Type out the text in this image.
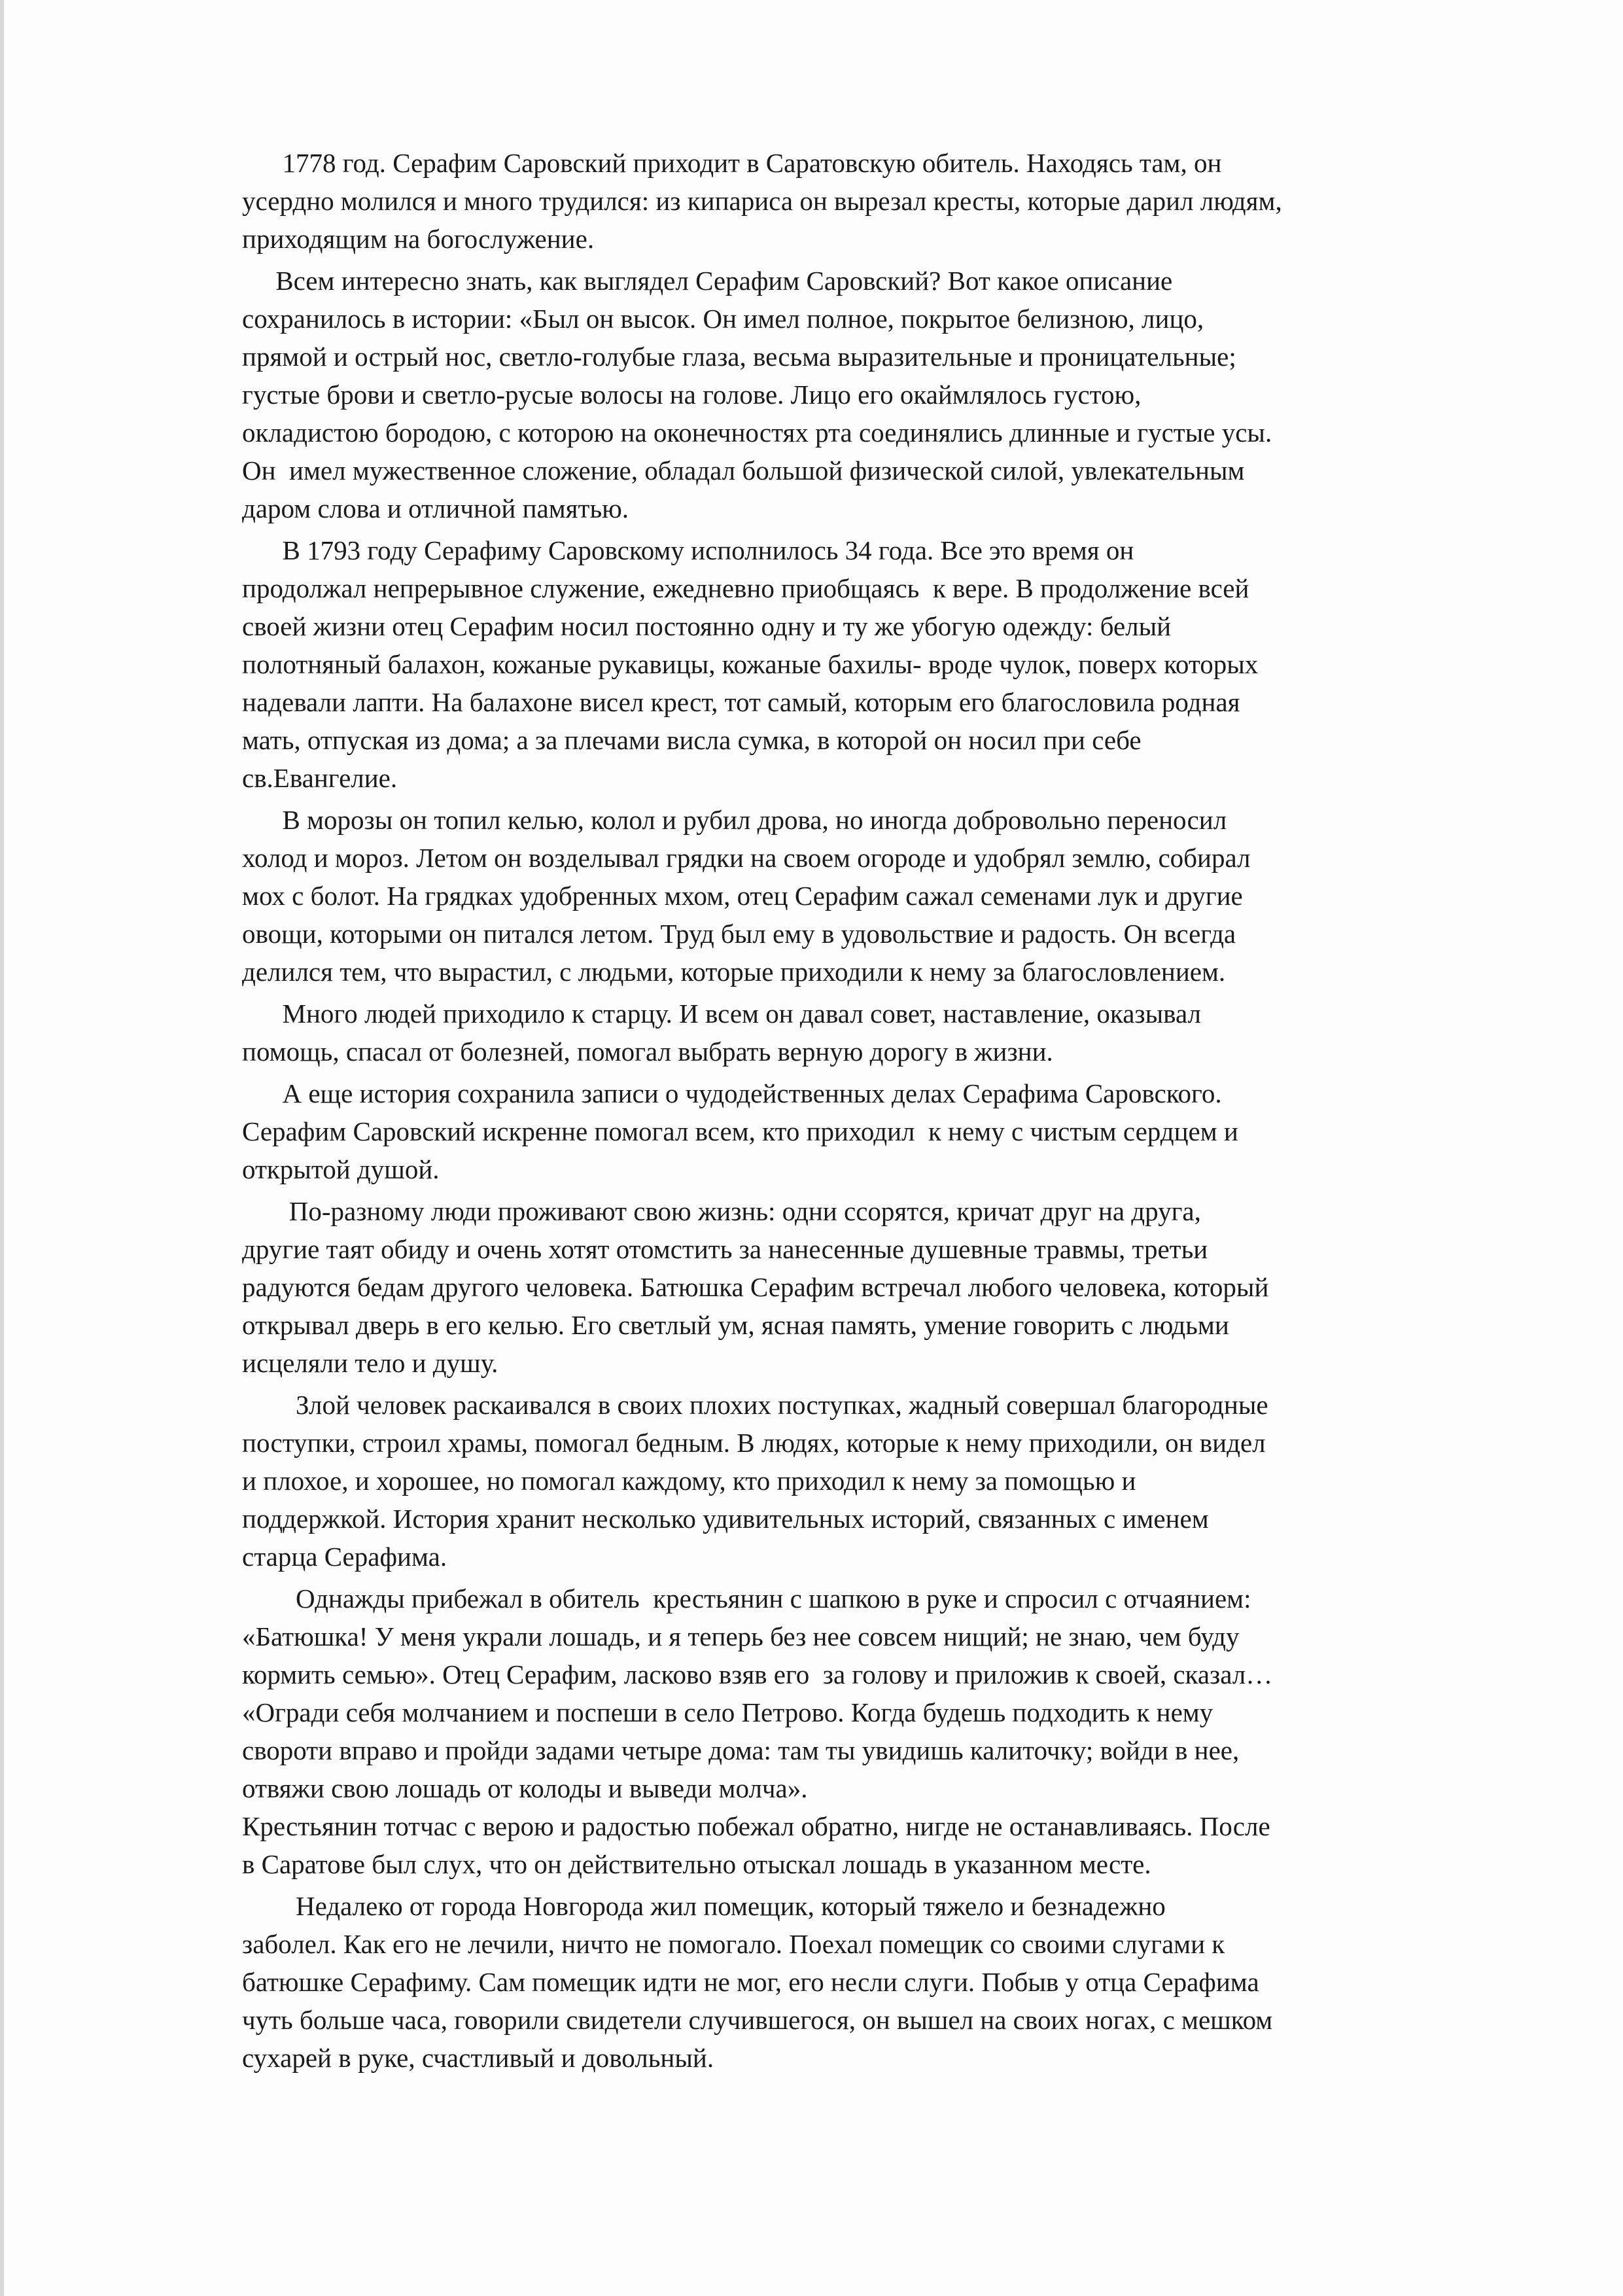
1778 год. Серафим Саровский приходит в Саратовскую обитель. Находясь там, он
усердно молился и много трудился: из кипариса он вырезал кресты, которые дарил людям,
приходящим на богослужение.
Всем интересно знать, как выглядел Серафим Саровский? Вот какое описание
сохранилось в истории: «Был он высок. Он имел полное, покрытое белизною, лицо,
прямой и острый нос, светло-голубые глаза, весьма выразительные и проницательные;
густые брови и светло-русые волосы на голове. Лицо его окаймлялось густою,
окладистою бородою, с которою на оконечностях рта соединялись длинные и густые усы.
Он  имел мужественное сложение, обладал большой физической силой, увлекательным
даром слова и отличной памятью.
В 1793 году Серафиму Саровскому исполнилось 34 года. Все это время он
продолжал непрерывное служение, ежедневно приобщаясь  к вере. В продолжение всей
своей жизни отец Серафим носил постоянно одну и ту же убогую одежду: белый
полотняный балахон, кожаные рукавицы, кожаные бахилы- вроде чулок, поверх которых
надевали лапти. На балахоне висел крест, тот самый, которым его благословила родная
мать, отпуская из дома; а за плечами висла сумка, в которой он носил при себе
св.Евангелие.
В морозы он топил келью, колол и рубил дрова, но иногда добровольно переносил
холод и мороз. Летом он возделывал грядки на своем огороде и удобрял землю, собирал
мох с болот. На грядках удобренных мхом, отец Серафим сажал семенами лук и другие
овощи, которыми он питался летом. Труд был ему в удовольствие и радость. Он всегда
делился тем, что вырастил, с людьми, которые приходили к нему за благословлением.
Много людей приходило к старцу. И всем он давал совет, наставление, оказывал
помощь, спасал от болезней, помогал выбрать верную дорогу в жизни.
А еще история сохранила записи о чудодейственных делах Серафима Саровского.
Серафим Саровский искренне помогал всем, кто приходил  к нему с чистым сердцем и
открытой душой.
По-разному люди проживают свою жизнь: одни ссорятся, кричат друг на друга,
другие таят обиду и очень хотят отомстить за нанесенные душевные травмы, третьи
радуются бедам другого человека. Батюшка Серафим встречал любого человека, который
открывал дверь в его келью. Его светлый ум, ясная память, умение говорить с людьми
исцеляли тело и душу.
Злой человек раскаивался в своих плохих поступках, жадный совершал благородные
поступки, строил храмы, помогал бедным. В людях, которые к нему приходили, он видел
и плохое, и хорошее, но помогал каждому, кто приходил к нему за помощью и
поддержкой. История хранит несколько удивительных историй, связанных с именем
старца Серафима.
Однажды прибежал в обитель  крестьянин с шапкою в руке и спросил с отчаянием:
«Батюшка! У меня украли лошадь, и я теперь без нее совсем нищий; не знаю, чем буду
кормить семью». Отец Серафим, ласково взяв его  за голову и приложив к своей, сказал…
«Огради себя молчанием и поспеши в село Петрово. Когда будешь подходить к нему
свороти вправо и пройди задами четыре дома: там ты увидишь калиточку; войди в нее,
отвяжи свою лошадь от колоды и выведи молча».
Крестьянин тотчас с верою и радостью побежал обратно, нигде не останавливаясь. После
в Саратове был слух, что он действительно отыскал лошадь в указанном месте.
Недалеко от города Новгорода жил помещик, который тяжело и безнадежно
заболел. Как его не лечили, ничто не помогало. Поехал помещик со своими слугами к
батюшке Серафиму. Сам помещик идти не мог, его несли слуги. Побыв у отца Серафима
чуть больше часа, говорили свидетели случившегося, он вышел на своих ногах, с мешком
сухарей в руке, счастливый и довольный.
